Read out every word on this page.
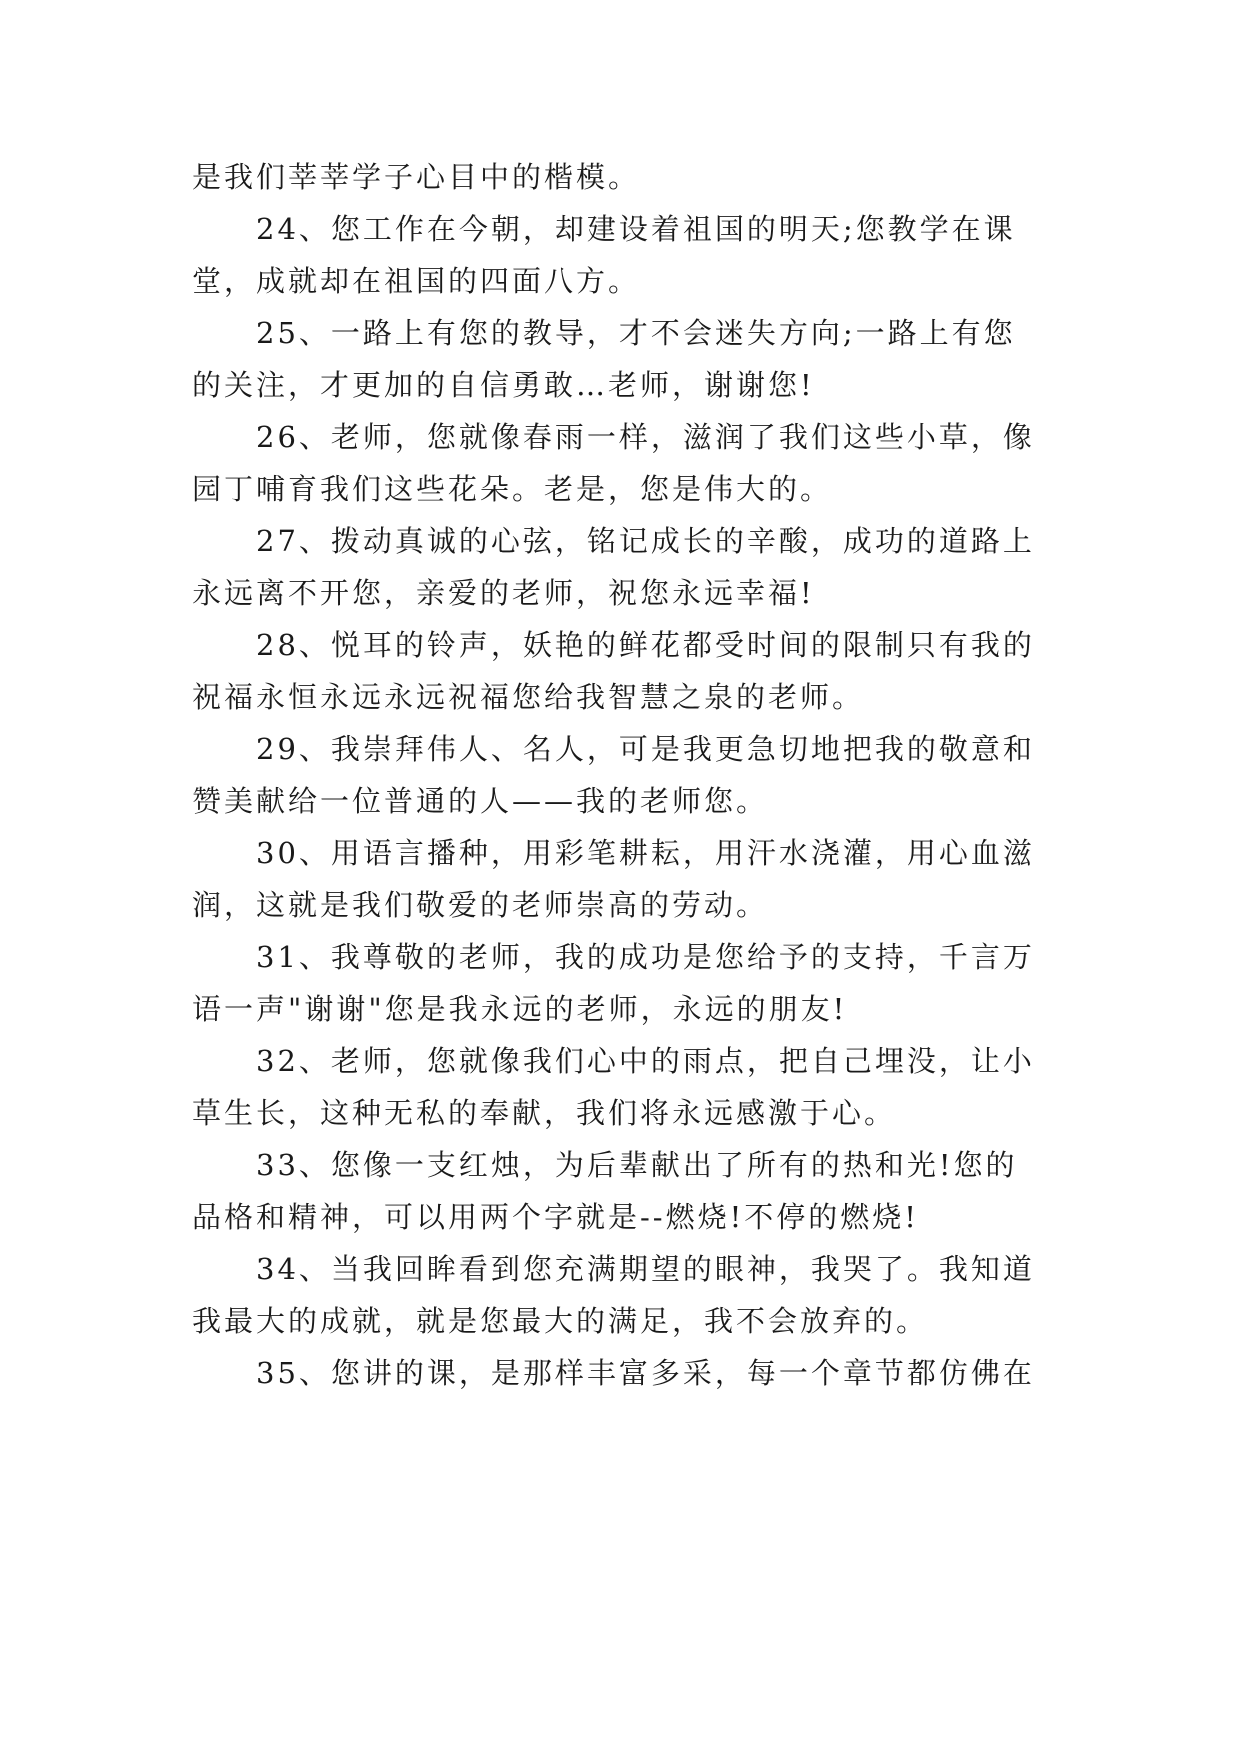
是我们莘莘学子心目中的楷模。
24、您工作在今朝，却建设着祖国的明天;您教学在课
堂，成就却在祖国的四面八方。
25、一路上有您的教导，才不会迷失方向;一路上有您
的关注，才更加的自信勇敢…老师，谢谢您!
26、老师，您就像春雨一样，滋润了我们这些小草，像
园丁哺育我们这些花朵。老是，您是伟大的。
27、拨动真诚的心弦，铭记成长的辛酸，成功的道路上
永远离不开您，亲爱的老师，祝您永远幸福!
28、悦耳的铃声，妖艳的鲜花都受时间的限制只有我的
祝福永恒永远永远祝福您给我智慧之泉的老师。
29、我崇拜伟人、名人，可是我更急切地把我的敬意和
赞美献给一位普通的人——我的老师您。
30、用语言播种，用彩笔耕耘，用汗水浇灌，用心血滋
润，这就是我们敬爱的老师崇高的劳动。
31、我尊敬的老师，我的成功是您给予的支持，千言万
语一声"谢谢"您是我永远的老师，永远的朋友!
32、老师，您就像我们心中的雨点，把自己埋没，让小
草生长，这种无私的奉献，我们将永远感激于心。
33、您像一支红烛，为后辈献出了所有的热和光!您的
品格和精神，可以用两个字就是--燃烧!不停的燃烧!
34、当我回眸看到您充满期望的眼神，我哭了。我知道
我最大的成就，就是您最大的满足，我不会放弃的。
35、您讲的课，是那样丰富多采，每一个章节都仿佛在
